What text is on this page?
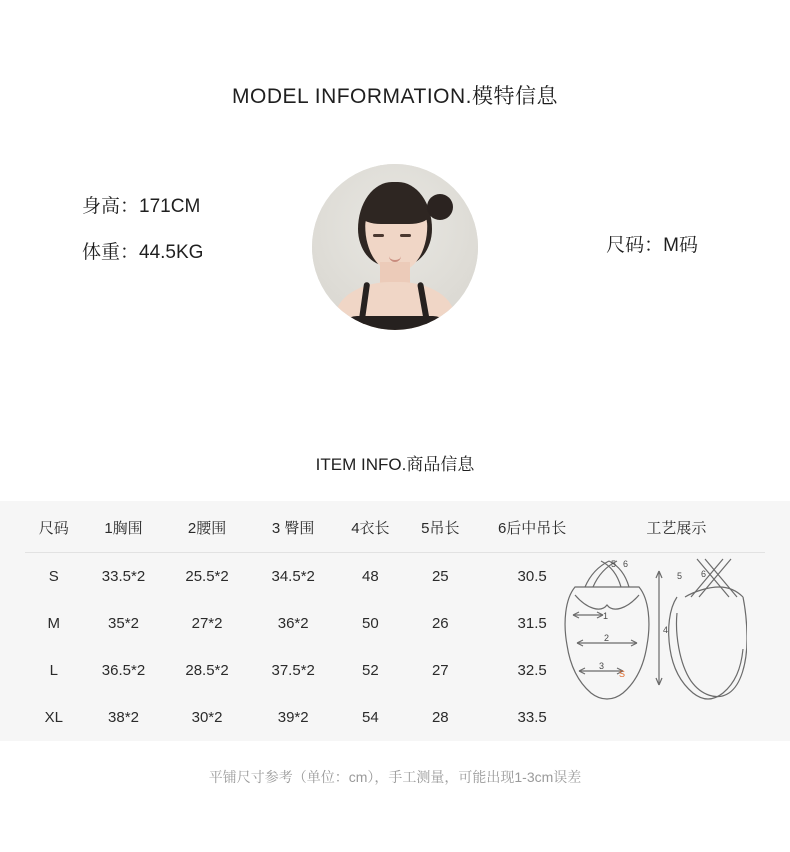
MODEL INFORMATION.模特信息
身高：171CM
体重：44.5KG	尺码：M码
ITEM INFO.商品信息
尺码	1胸围	2腰围	3 臀围	4衣长	5吊长	6后中吊长	工艺展示
S	33.5*2	25.5*2	34.5*2	48	25	30.5	
1
2
3
4
5 6
5 6
S

M	35*2	27*2	36*2	50	26	31.5	
L	36.5*2	28.5*2	37.5*2	52	27	32.5	
XL	38*2	30*2	39*2	54	28	33.5	
平铺尺寸参考（单位：cm），手工测量，可能出现1-3cm误差
